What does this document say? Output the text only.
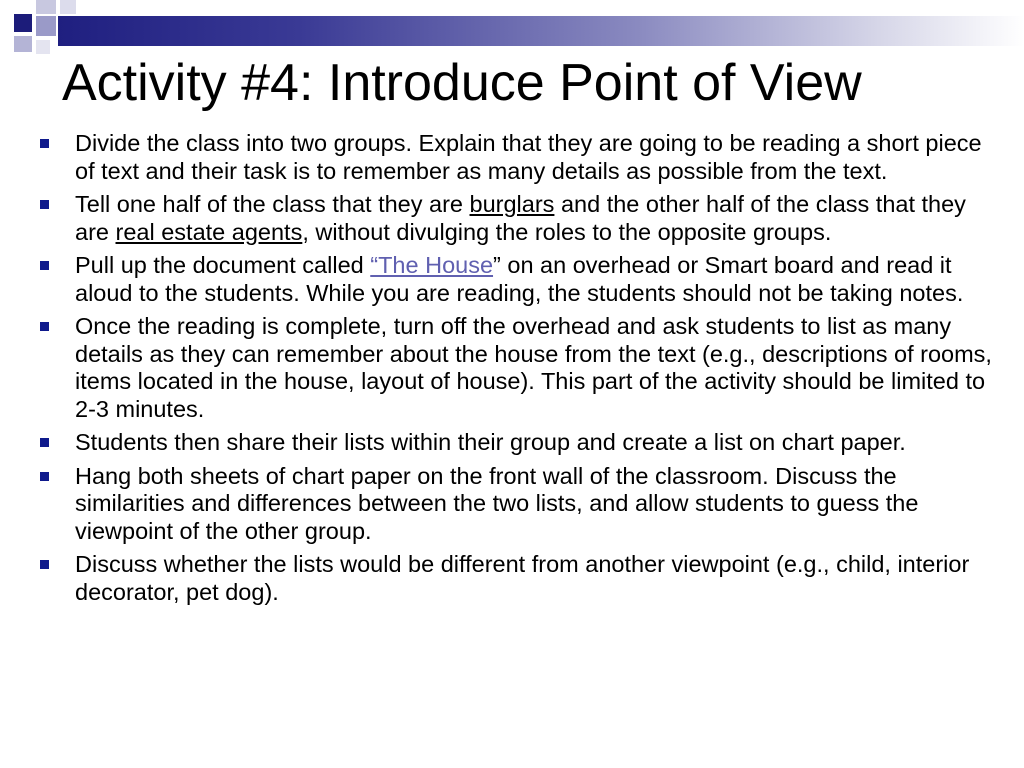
Activity #4: Introduce Point of View
Divide the class into two groups. Explain that they are going to be reading a short piece of text and their task is to remember as many details as possible from the text.
Tell one half of the class that they are burglars and the other half of the class that they are real estate agents, without divulging the roles to the opposite groups.
Pull up the document called “The House” on an overhead or Smart board and read it aloud to the students. While you are reading, the students should not be taking notes.
Once the reading is complete, turn off the overhead and ask students to list as many details as they can remember about the house from the text (e.g., descriptions of rooms, items located in the house, layout of house). This part of the activity should be limited to 2-3 minutes.
Students then share their lists within their group and create a list on chart paper.
Hang both sheets of chart paper on the front wall of the classroom. Discuss the similarities and differences between the two lists, and allow students to guess the viewpoint of the other group.
Discuss whether the lists would be different from another viewpoint (e.g., child, interior decorator, pet dog).
